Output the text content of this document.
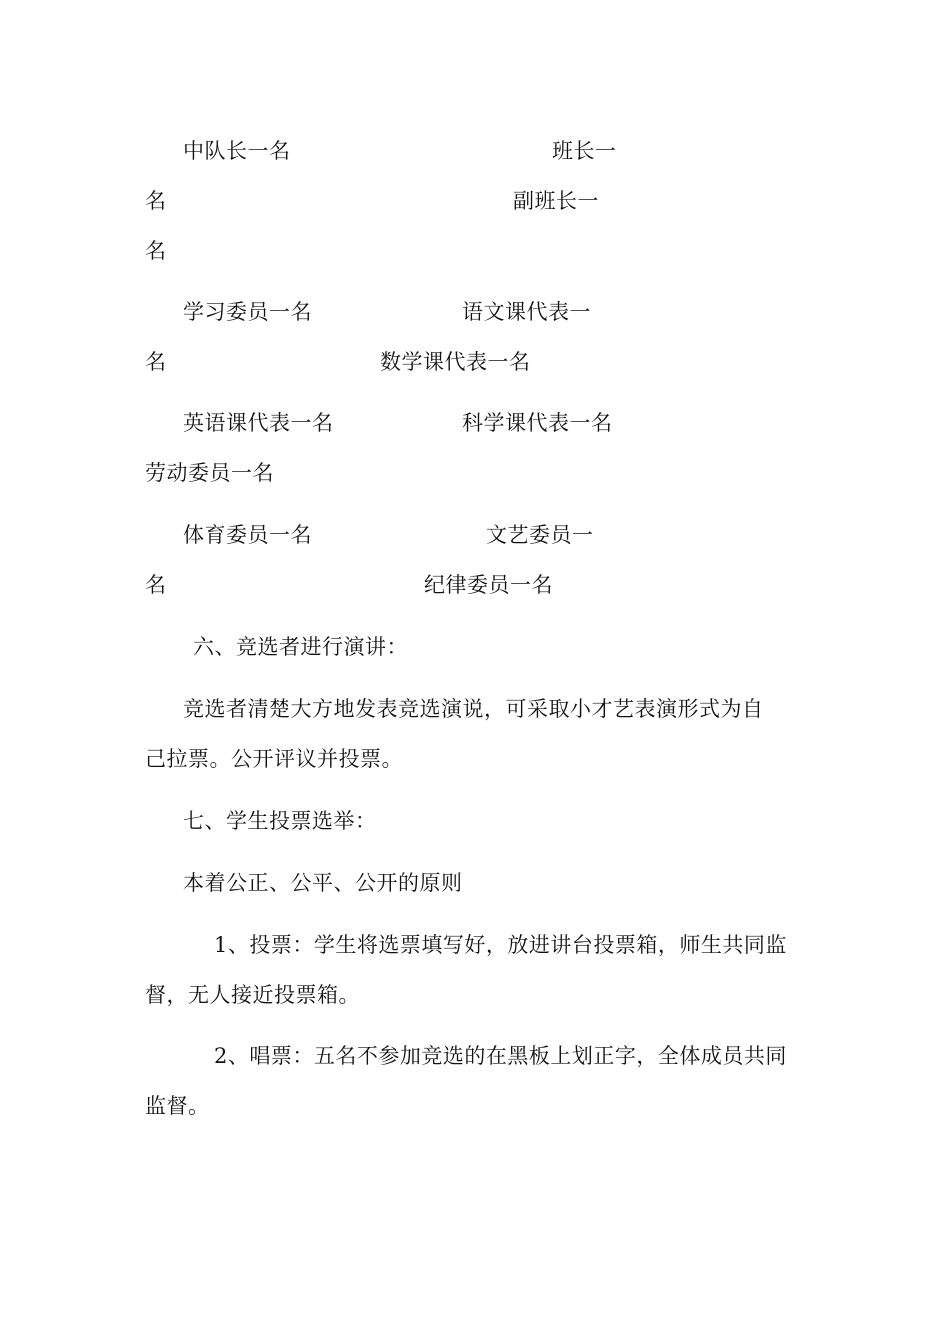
中队长一名	班长一
名	副班长一
名
学习委员一名	语文课代表一
名	数学课代表一名
英语课代表一名	科学课代表一名
劳动委员一名
体育委员一名	文艺委员一
名	纪律委员一名
六、竞选者进行演讲：
竞选者清楚大方地发表竞选演说，可采取小才艺表演形式为自
己拉票。公开评议并投票。
七、学生投票选举：
本着公正、公平、公开的原则
1、投票：学生将选票填写好，放进讲台投票箱，师生共同监
督，无人接近投票箱。
2、唱票：五名不参加竞选的在黑板上划正字，全体成员共同
监督。
